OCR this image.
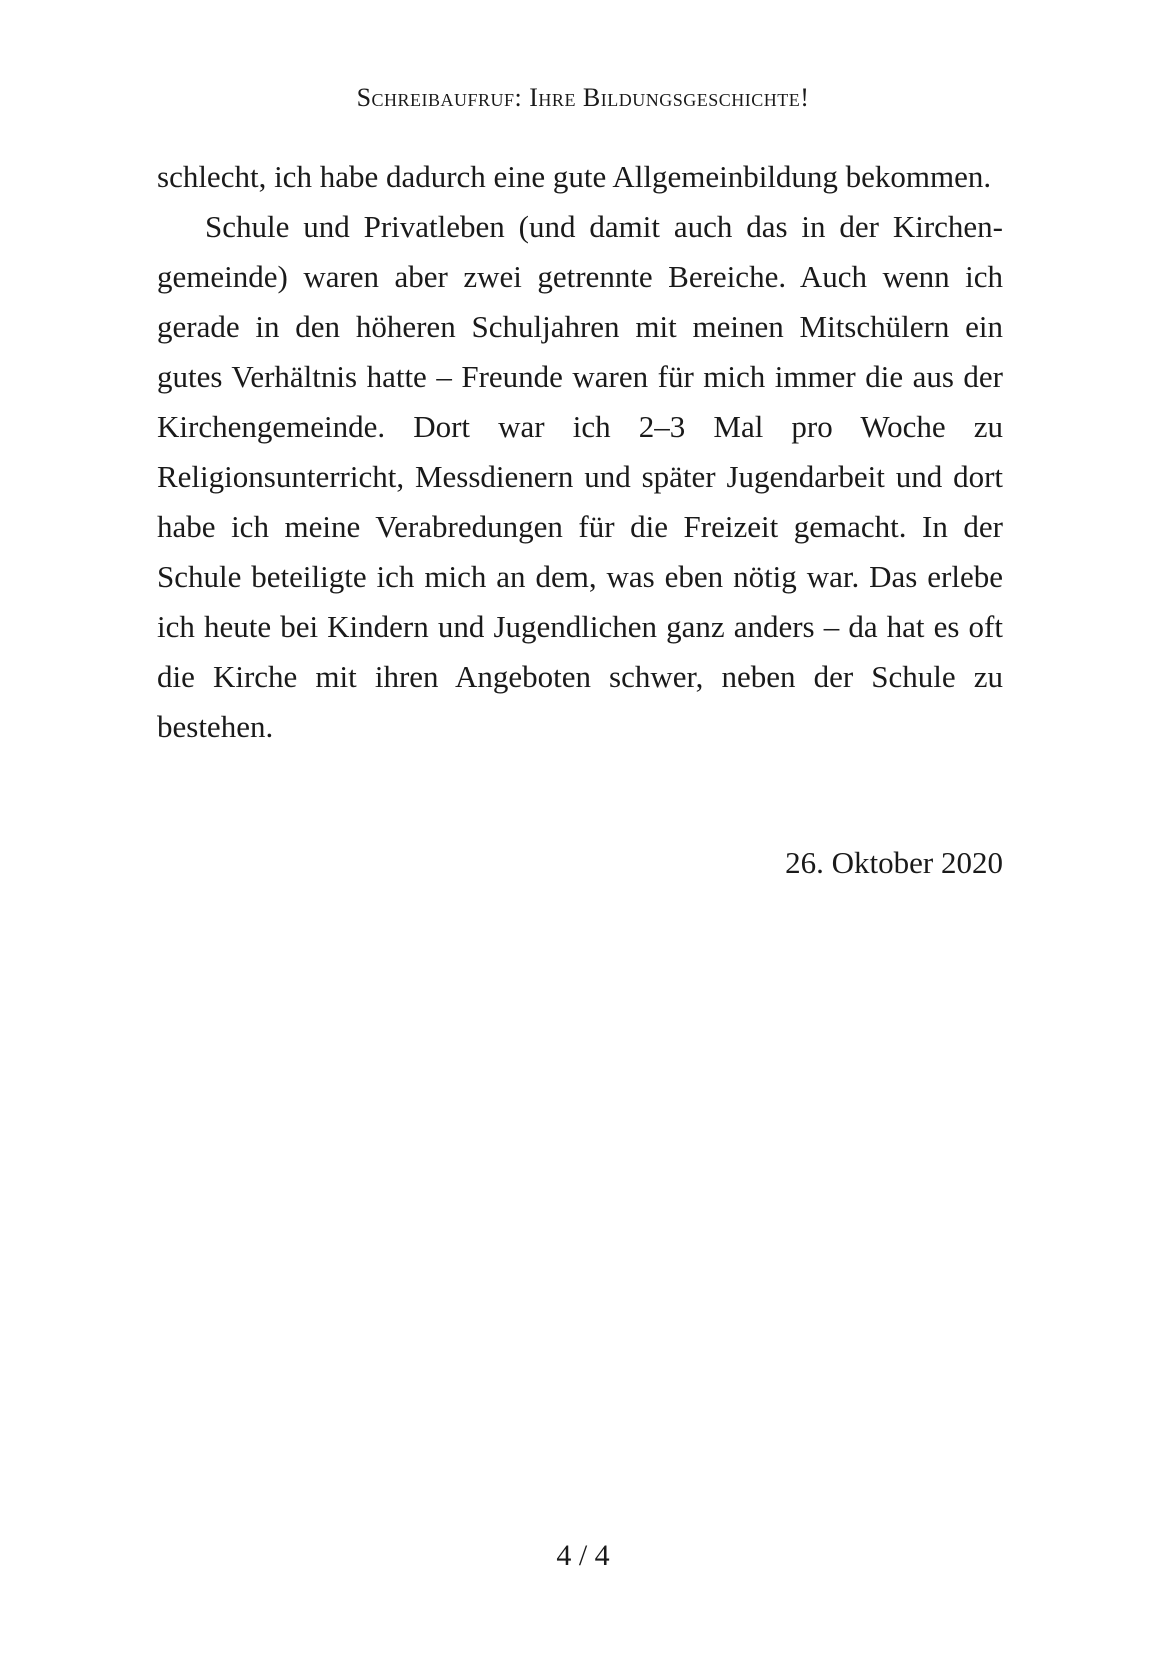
Schreibaufruf: Ihre Bildungsgeschichte!

schlecht, ich habe dadurch eine gute Allgemeinbildung bekommen.

Schule und Privatleben (und damit auch das in der Kirchengemeinde) waren aber zwei getrennte Bereiche. Auch wenn ich gerade in den höheren Schuljahren mit meinen Mitschülern ein gutes Verhältnis hatte – Freunde waren für mich immer die aus der Kirchengemeinde. Dort war ich 2–3 Mal pro Woche zu Religionsunterricht, Messdienern und später Jugendarbeit und dort habe ich meine Verabredungen für die Freizeit gemacht. In der Schule beteiligte ich mich an dem, was eben nötig war. Das erlebe ich heute bei Kindern und Jugendlichen ganz anders – da hat es oft die Kirche mit ihren Angeboten schwer, neben der Schule zu bestehen.

26. Oktober 2020
4 / 4
